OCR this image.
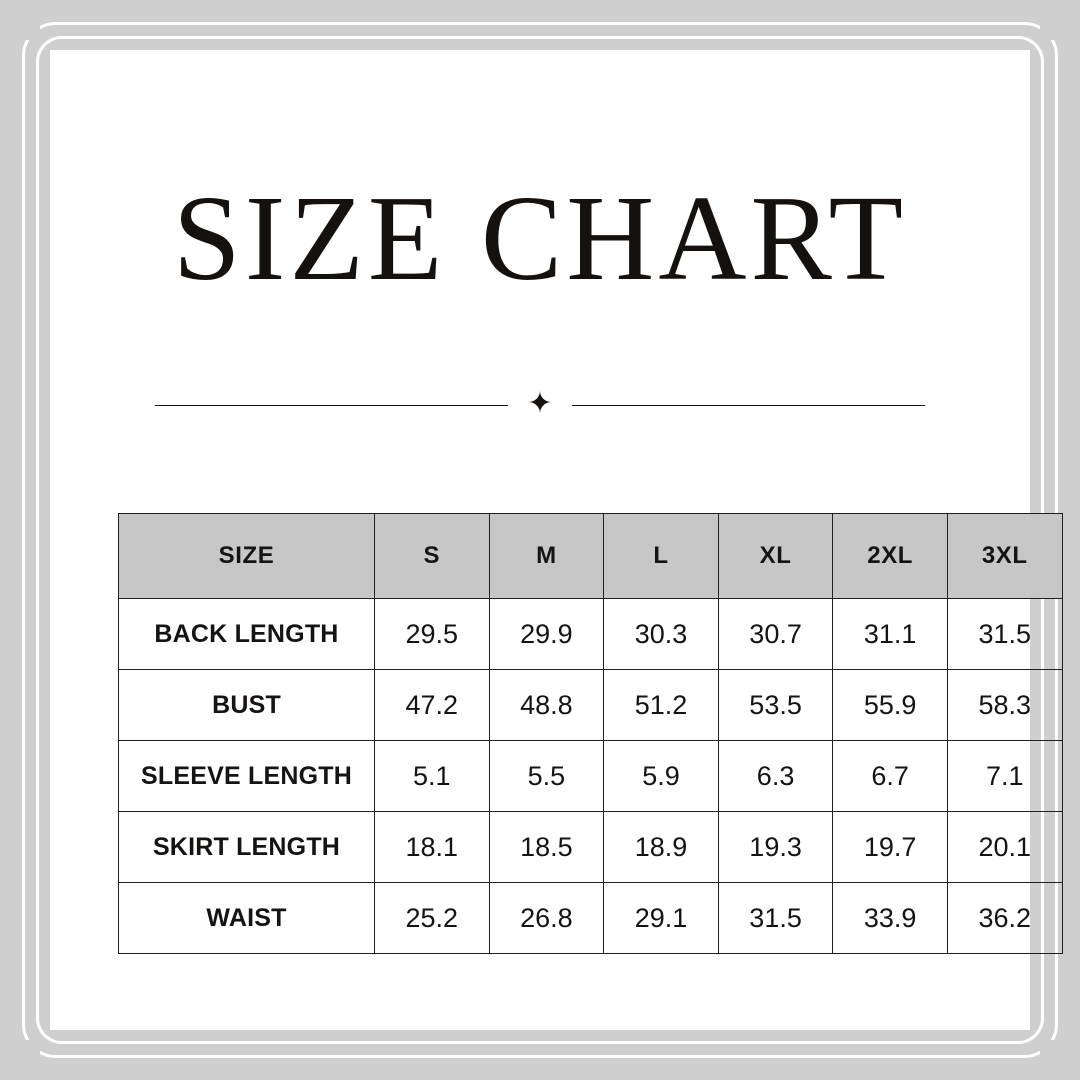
SIZE CHART
✦
SIZE	S	M	L	XL	2XL	3XL
BACK LENGTH	29.5	29.9	30.3	30.7	31.1	31.5
BUST	47.2	48.8	51.2	53.5	55.9	58.3
SLEEVE LENGTH	5.1	5.5	5.9	6.3	6.7	7.1
SKIRT LENGTH	18.1	18.5	18.9	19.3	19.7	20.1
WAIST	25.2	26.8	29.1	31.5	33.9	36.2
